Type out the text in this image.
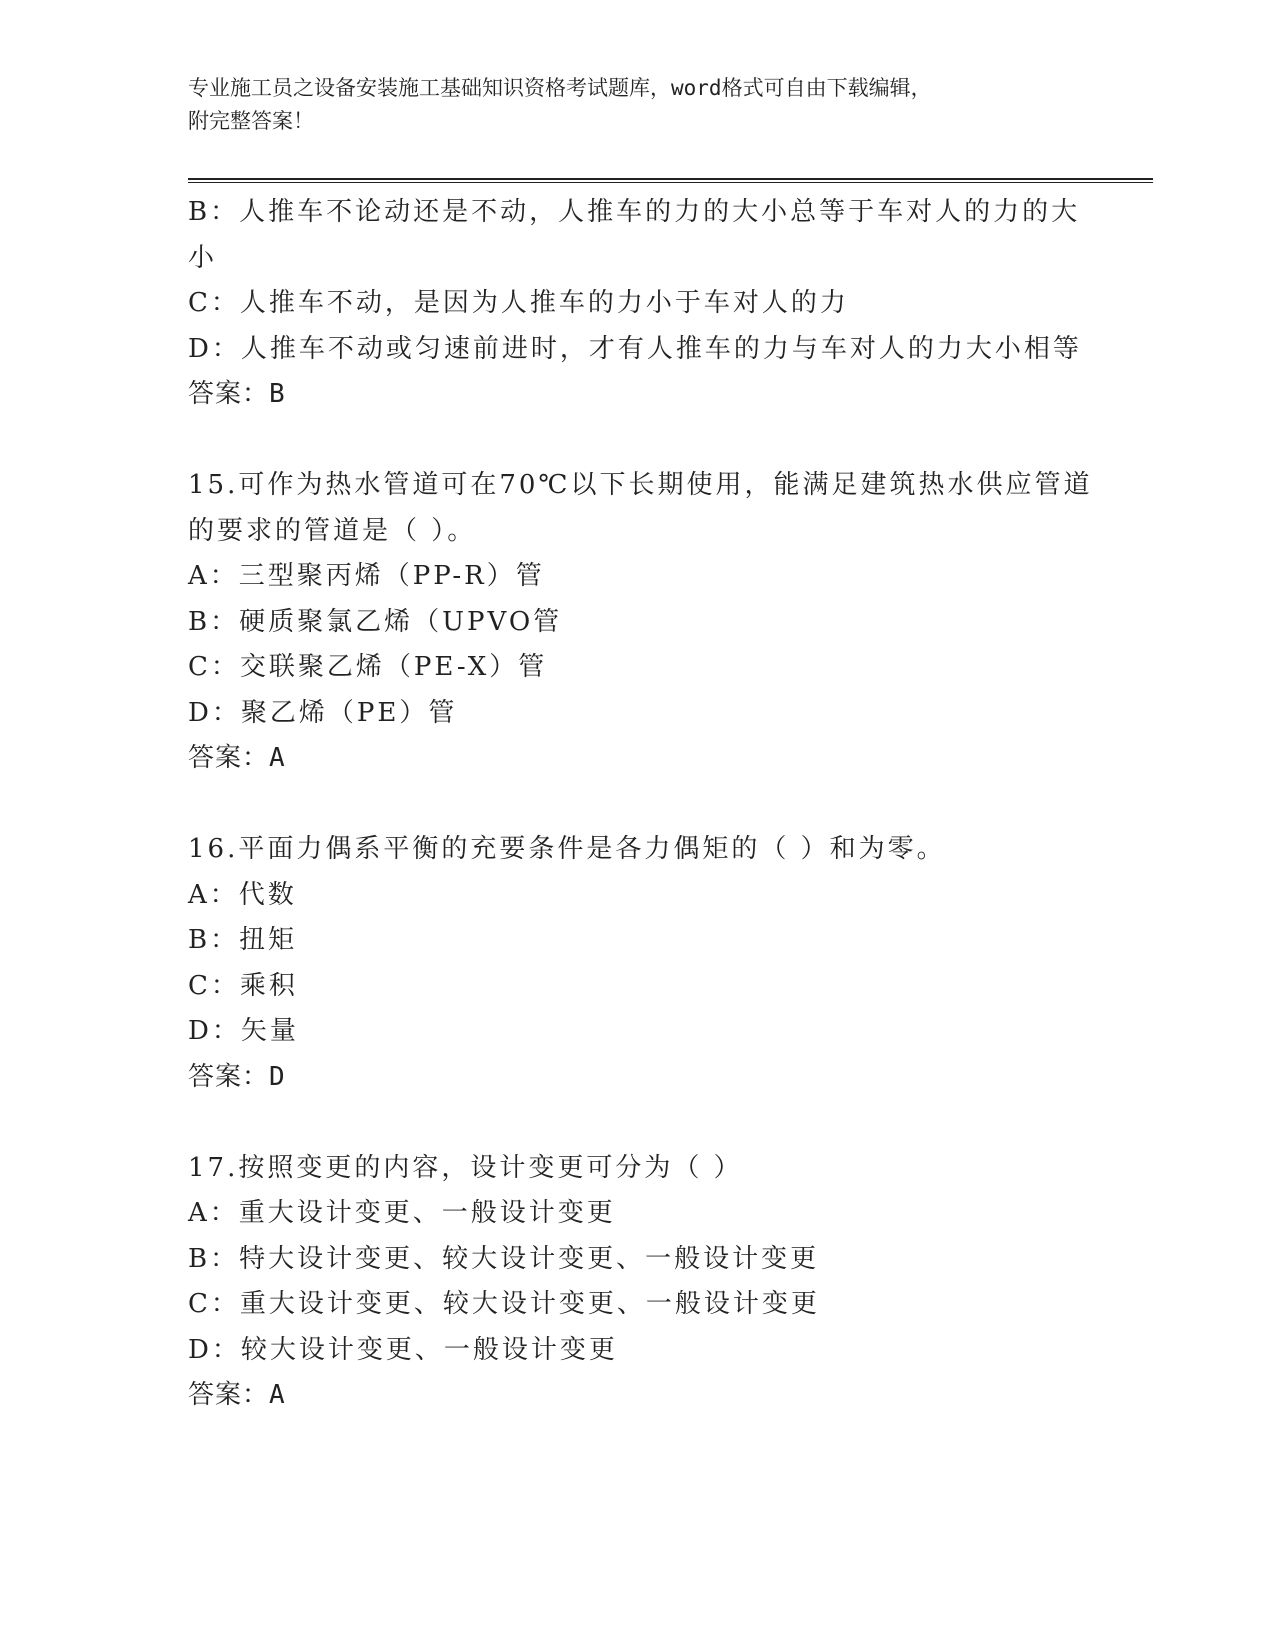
专业施工员之设备安装施工基础知识资格考试题库，word格式可自由下载编辑，
附完整答案！
B：人推车不论动还是不动，人推车的力的大小总等于车对人的力的大
小
C：人推车不动，是因为人推车的力小于车对人的力
D：人推车不动或匀速前进时，才有人推车的力与车对人的力大小相等
答案：B
15.可作为热水管道可在70℃以下长期使用，能满足建筑热水供应管道
的要求的管道是（ ）。
A：三型聚丙烯（PP-R）管
B：硬质聚氯乙烯（UPVO管
C：交联聚乙烯（PE-X）管
D：聚乙烯（PE）管
答案：A
16.平面力偶系平衡的充要条件是各力偶矩的（ ）和为零。
A：代数
B：扭矩
C：乘积
D：矢量
答案：D
17.按照变更的内容，设计变更可分为（ ）
A：重大设计变更、一般设计变更
B：特大设计变更、较大设计变更、一般设计变更
C：重大设计变更、较大设计变更、一般设计变更
D：较大设计变更、一般设计变更
答案：A
